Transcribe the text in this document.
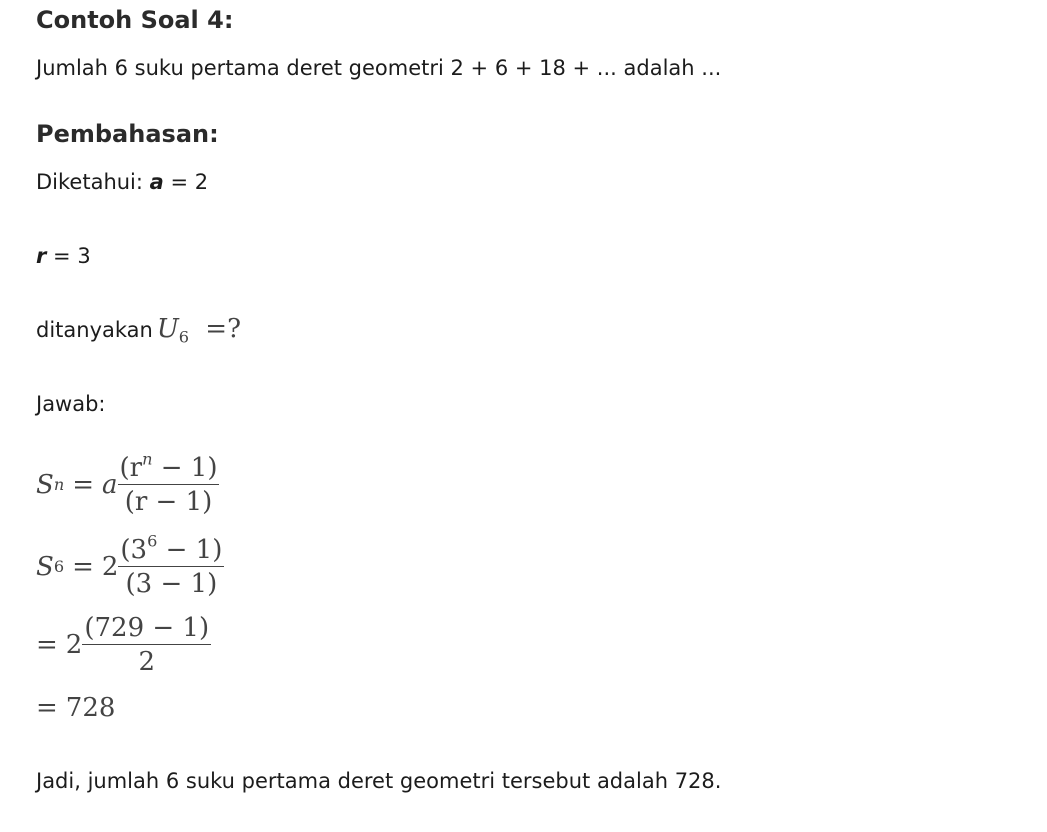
Contoh Soal 4:
Jumlah 6 suku pertama deret geometri 2 + 6 + 18 + ... adalah ...
Pembahasan:
Diketahui: a = 2
r = 3
ditanyakan $U_6$ =?
Jawab:
S n = a $\frac{(r^n - 1)}{(r - 1)}$
S $6 = 2 \frac{(3^6 - 1)}{(3 - 1)}$
= $2 \frac{(729 - 1)}{2}$
= 728
Jadi, jumlah 6 suku pertama deret geometri tersebut adalah 728.
